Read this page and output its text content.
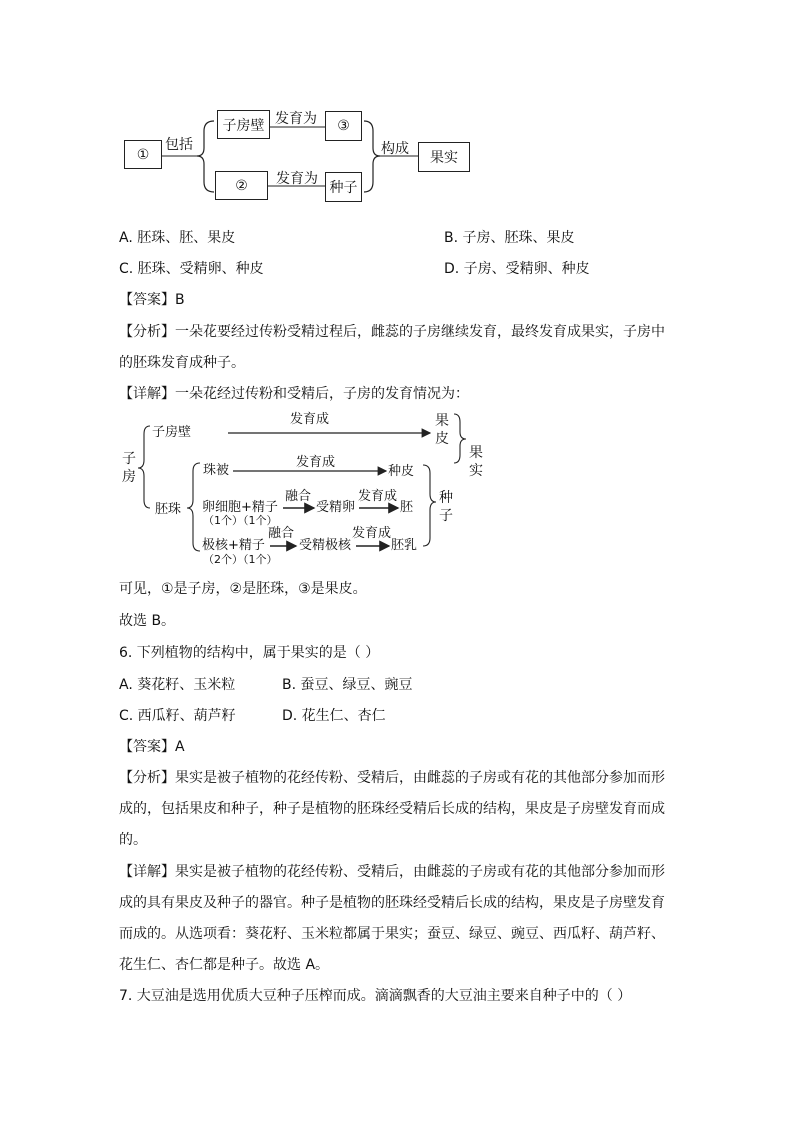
①
包括
子房壁 发育为 ③
② 发育为
种子
构成
果实
A. 胚珠、胚、果皮	B. 子房、胚珠、果皮
C. 胚珠、受精卵、种皮	D. 子房、受精卵、种皮
【答案】B
【分析】一朵花要经过传粉受精过程后，雌蕊的子房继续发育，最终发育成果实，子房中
的胚珠发育成种子。
【详解】一朵花经过传粉和受精后，子房的发育情况为：
子房
子房壁
发育成	果皮
果实
胚珠
珠被
发育成
种皮
卵细胞+精子
（1个）（1个）
融合
受精卵
发育成
胚
种子
极核+精子
（2个）（1个）
融合
受精极核
发育成
胚乳
可见，①是子房，②是胚珠，③是果皮。
故选 B。
6. 下列植物的结构中，属于果实的是（ ）
A. 葵花籽、玉米粒	B. 蚕豆、绿豆、豌豆
C. 西瓜籽、葫芦籽	D. 花生仁、杏仁
【答案】A
【分析】果实是被子植物的花经传粉、受精后，由雌蕊的子房或有花的其他部分参加而形
成的，包括果皮和种子，种子是植物的胚珠经受精后长成的结构，果皮是子房壁发育而成
的。
【详解】果实是被子植物的花经传粉、受精后，由雌蕊的子房或有花的其他部分参加而形
成的具有果皮及种子的器官。种子是植物的胚珠经受精后长成的结构，果皮是子房壁发育
而成的。从选项看：葵花籽、玉米粒都属于果实；蚕豆、绿豆、豌豆、西瓜籽、葫芦籽、
花生仁、杏仁都是种子。故选 A。
7. 大豆油是选用优质大豆种子压榨而成。滴滴飘香的大豆油主要来自种子中的（ ）
